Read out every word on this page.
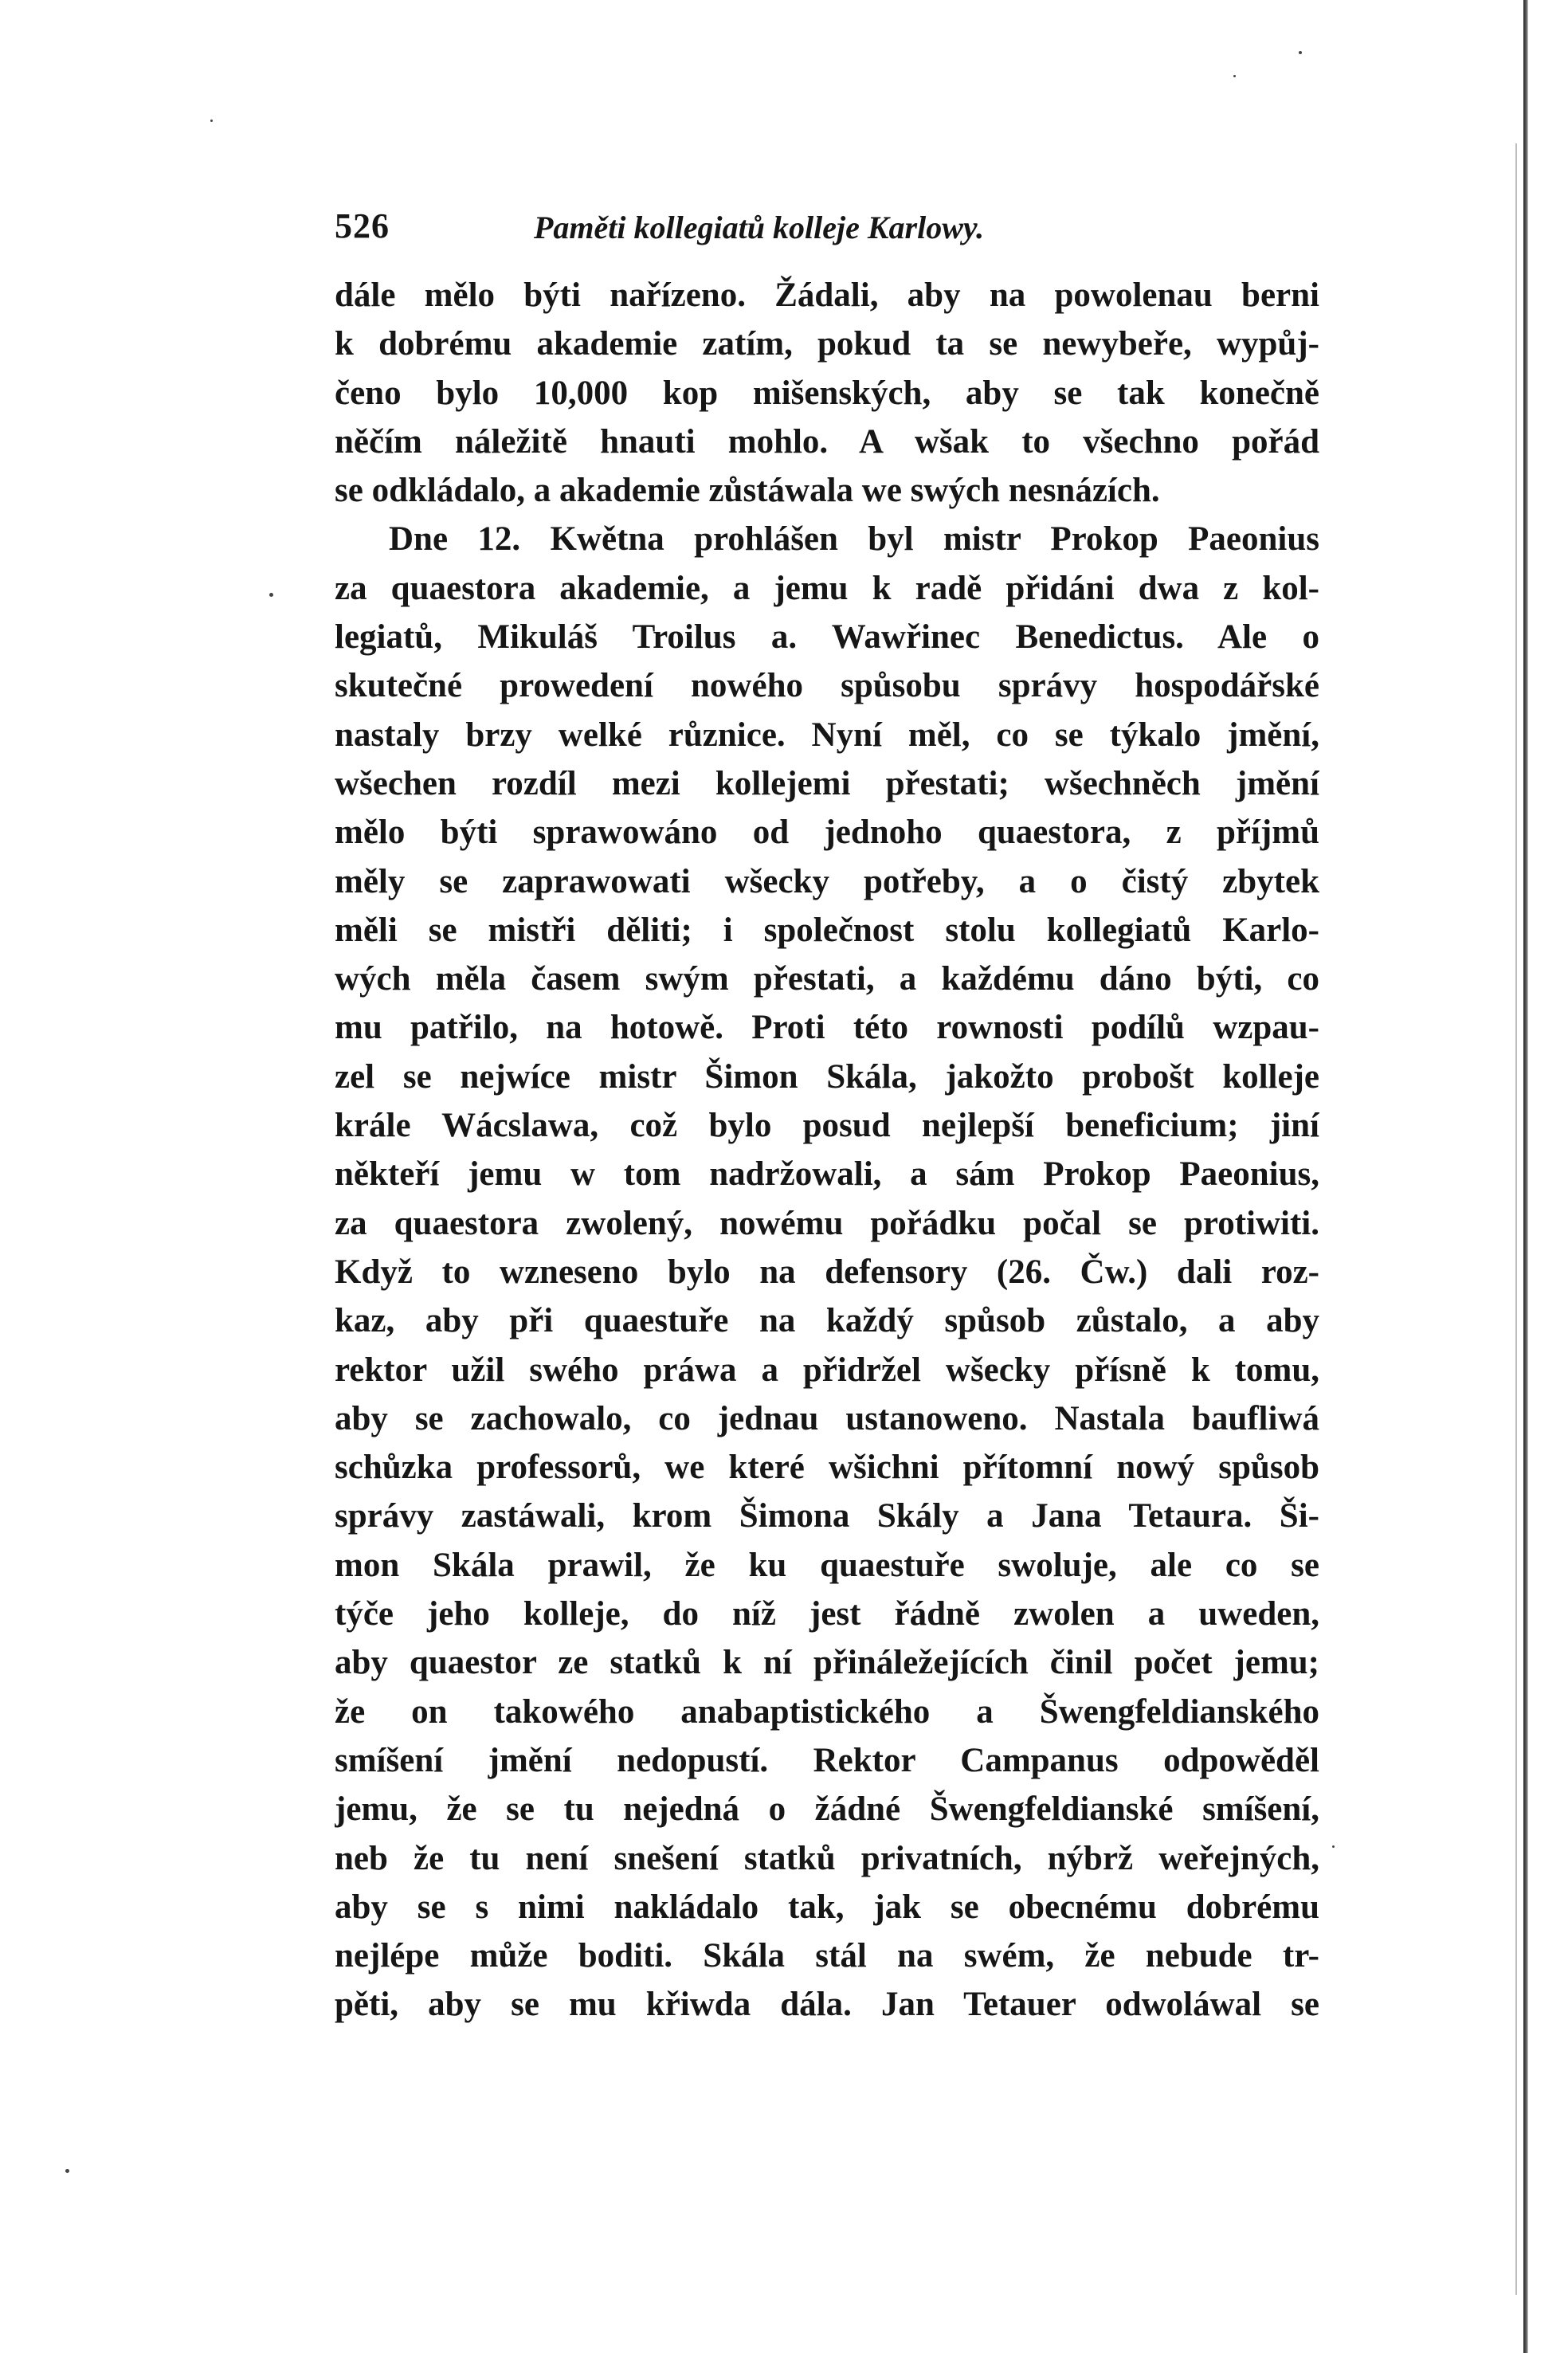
526	Paměti kollegiatů kolleje Karlowy.
dále mělo býti nařízeno. Žádali, aby na powolenau berni
k dobrému akademie zatím, pokud ta se newybeře, wypůj-
čeno bylo 10,000 kop mišenských, aby se tak konečně
něčím náležitě hnauti mohlo. A wšak to všechno pořád
se odkládalo, a akademie zůstáwala we swých nesnázích.
Dne 12. Kwětna prohlášen byl mistr Prokop Paeonius
za quaestora akademie, a jemu k radě přidáni dwa z kol-
legiatů, Mikuláš Troilus a. Wawřinec Benedictus. Ale o
skutečné prowedení nowého spůsobu správy hospodářské
nastaly brzy welké různice. Nyní měl, co se týkalo jmění,
wšechen rozdíl mezi kollejemi přestati; wšechněch jmění
mělo býti sprawowáno od jednoho quaestora, z příjmů
měly se zaprawowati wšecky potřeby, a o čistý zbytek
měli se mistři děliti; i společnost stolu kollegiatů Karlo-
wých měla časem swým přestati, a každému dáno býti, co
mu patřilo, na hotowě. Proti této rownosti podílů wzpau-
zel se nejwíce mistr Šimon Skála, jakožto probošt kolleje
krále Wácslawa, což bylo posud nejlepší beneficium; jiní
někteří jemu w tom nadržowali, a sám Prokop Paeonius,
za quaestora zwolený, nowému pořádku počal se protiwiti.
Když to wzneseno bylo na defensory (26. Čw.) dali roz-
kaz, aby při quaestuře na každý spůsob zůstalo, a aby
rektor užil swého práwa a přidržel wšecky přísně k tomu,
aby se zachowalo, co jednau ustanoweno. Nastala baufliwá
schůzka professorů, we které wšichni přítomní nowý spůsob
správy zastáwali, krom Šimona Skály a Jana Tetaura. Ši-
mon Skála prawil, že ku quaestuře swoluje, ale co se
týče jeho kolleje, do níž jest řádně zwolen a uweden,
aby quaestor ze statků k ní přináležejících činil počet jemu;
že on takowého anabaptistického a Šwengfeldianského
smíšení jmění nedopustí. Rektor Campanus odpowěděl
jemu, že se tu nejedná o žádné Šwengfeldianské smíšení,
neb že tu není snešení statků privatních, nýbrž weřejných,
aby se s nimi nakládalo tak, jak se obecnému dobrému
nejlépe může boditi. Skála stál na swém, že nebude tr-
pěti, aby se mu křiwda dála. Jan Tetauer odwoláwal se
